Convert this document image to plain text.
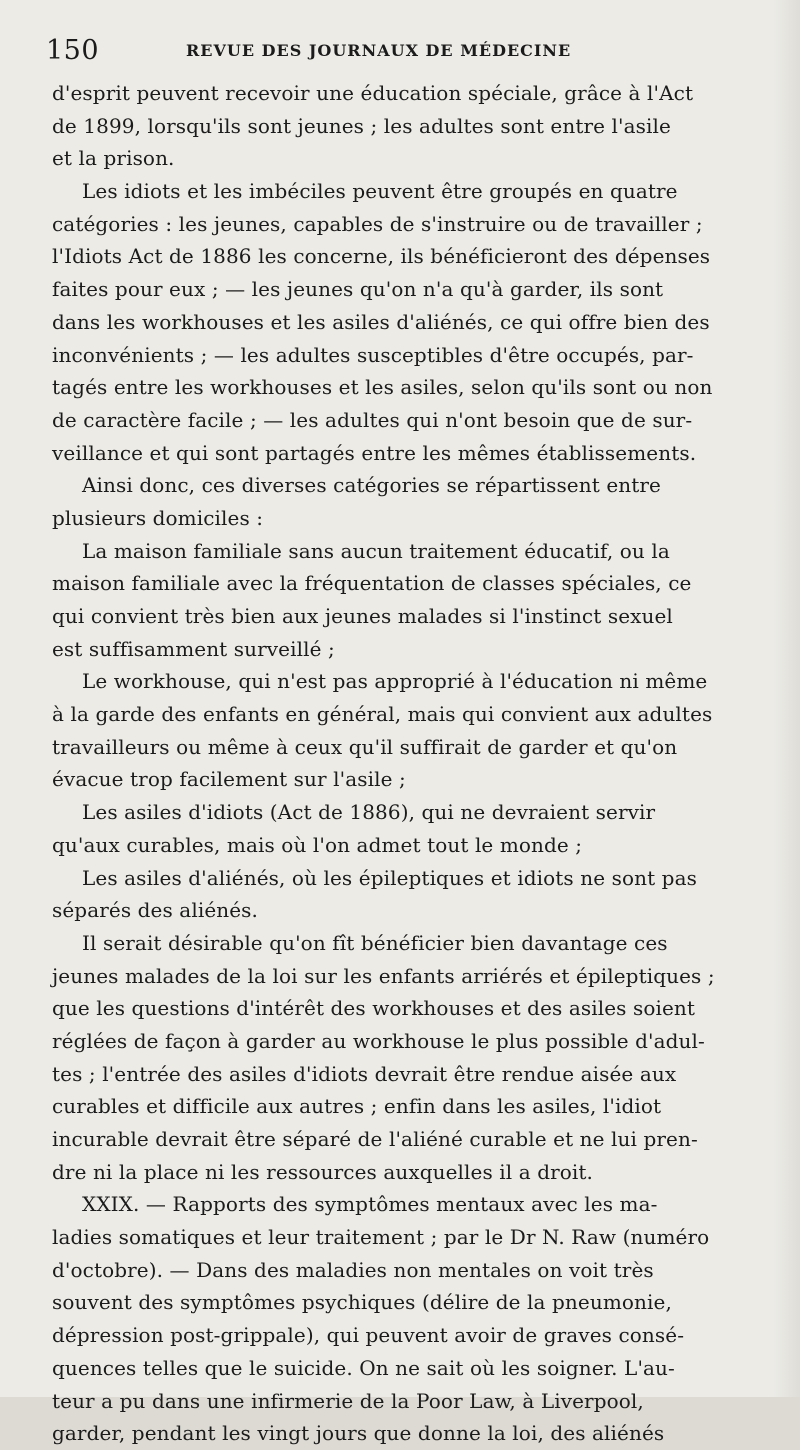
150	REVUE DES JOURNAUX DE MÉDECINE
d'esprit peuvent recevoir une éducation spéciale, grâce à l'Act
de 1899, lorsqu'ils sont jeunes ; les adultes sont entre l'asile
et la prison.
Les idiots et les imbéciles peuvent être groupés en quatre
catégories : les jeunes, capables de s'instruire ou de travailler ;
l'Idiots Act de 1886 les concerne, ils bénéficieront des dépenses
faites pour eux ; — les jeunes qu'on n'a qu'à garder, ils sont
dans les workhouses et les asiles d'aliénés, ce qui offre bien des
inconvénients ; — les adultes susceptibles d'être occupés, par-
tagés entre les workhouses et les asiles, selon qu'ils sont ou non
de caractère facile ; — les adultes qui n'ont besoin que de sur-
veillance et qui sont partagés entre les mêmes établissements.
Ainsi donc, ces diverses catégories se répartissent entre
plusieurs domiciles :
La maison familiale sans aucun traitement éducatif, ou la
maison familiale avec la fréquentation de classes spéciales, ce
qui convient très bien aux jeunes malades si l'instinct sexuel
est suffisamment surveillé ;
Le workhouse, qui n'est pas approprié à l'éducation ni même
à la garde des enfants en général, mais qui convient aux adultes
travailleurs ou même à ceux qu'il suffirait de garder et qu'on
évacue trop facilement sur l'asile ;
Les asiles d'idiots (Act de 1886), qui ne devraient servir
qu'aux curables, mais où l'on admet tout le monde ;
Les asiles d'aliénés, où les épileptiques et idiots ne sont pas
séparés des aliénés.
Il serait désirable qu'on fît bénéficier bien davantage ces
jeunes malades de la loi sur les enfants arriérés et épileptiques ;
que les questions d'intérêt des workhouses et des asiles soient
réglées de façon à garder au workhouse le plus possible d'adul-
tes ; l'entrée des asiles d'idiots devrait être rendue aisée aux
curables et difficile aux autres ; enfin dans les asiles, l'idiot
incurable devrait être séparé de l'aliéné curable et ne lui pren-
dre ni la place ni les ressources auxquelles il a droit.
XXIX. — Rapports des symptômes mentaux avec les ma-
ladies somatiques et leur traitement ; par le Dr N. Raw (numéro
d'octobre). — Dans des maladies non mentales on voit très
souvent des symptômes psychiques (délire de la pneumonie,
dépression post-grippale), qui peuvent avoir de graves consé-
quences telles que le suicide. On ne sait où les soigner. L'au-
teur a pu dans une infirmerie de la Poor Law, à Liverpool,
garder, pendant les vingt jours que donne la loi, des aliénés
